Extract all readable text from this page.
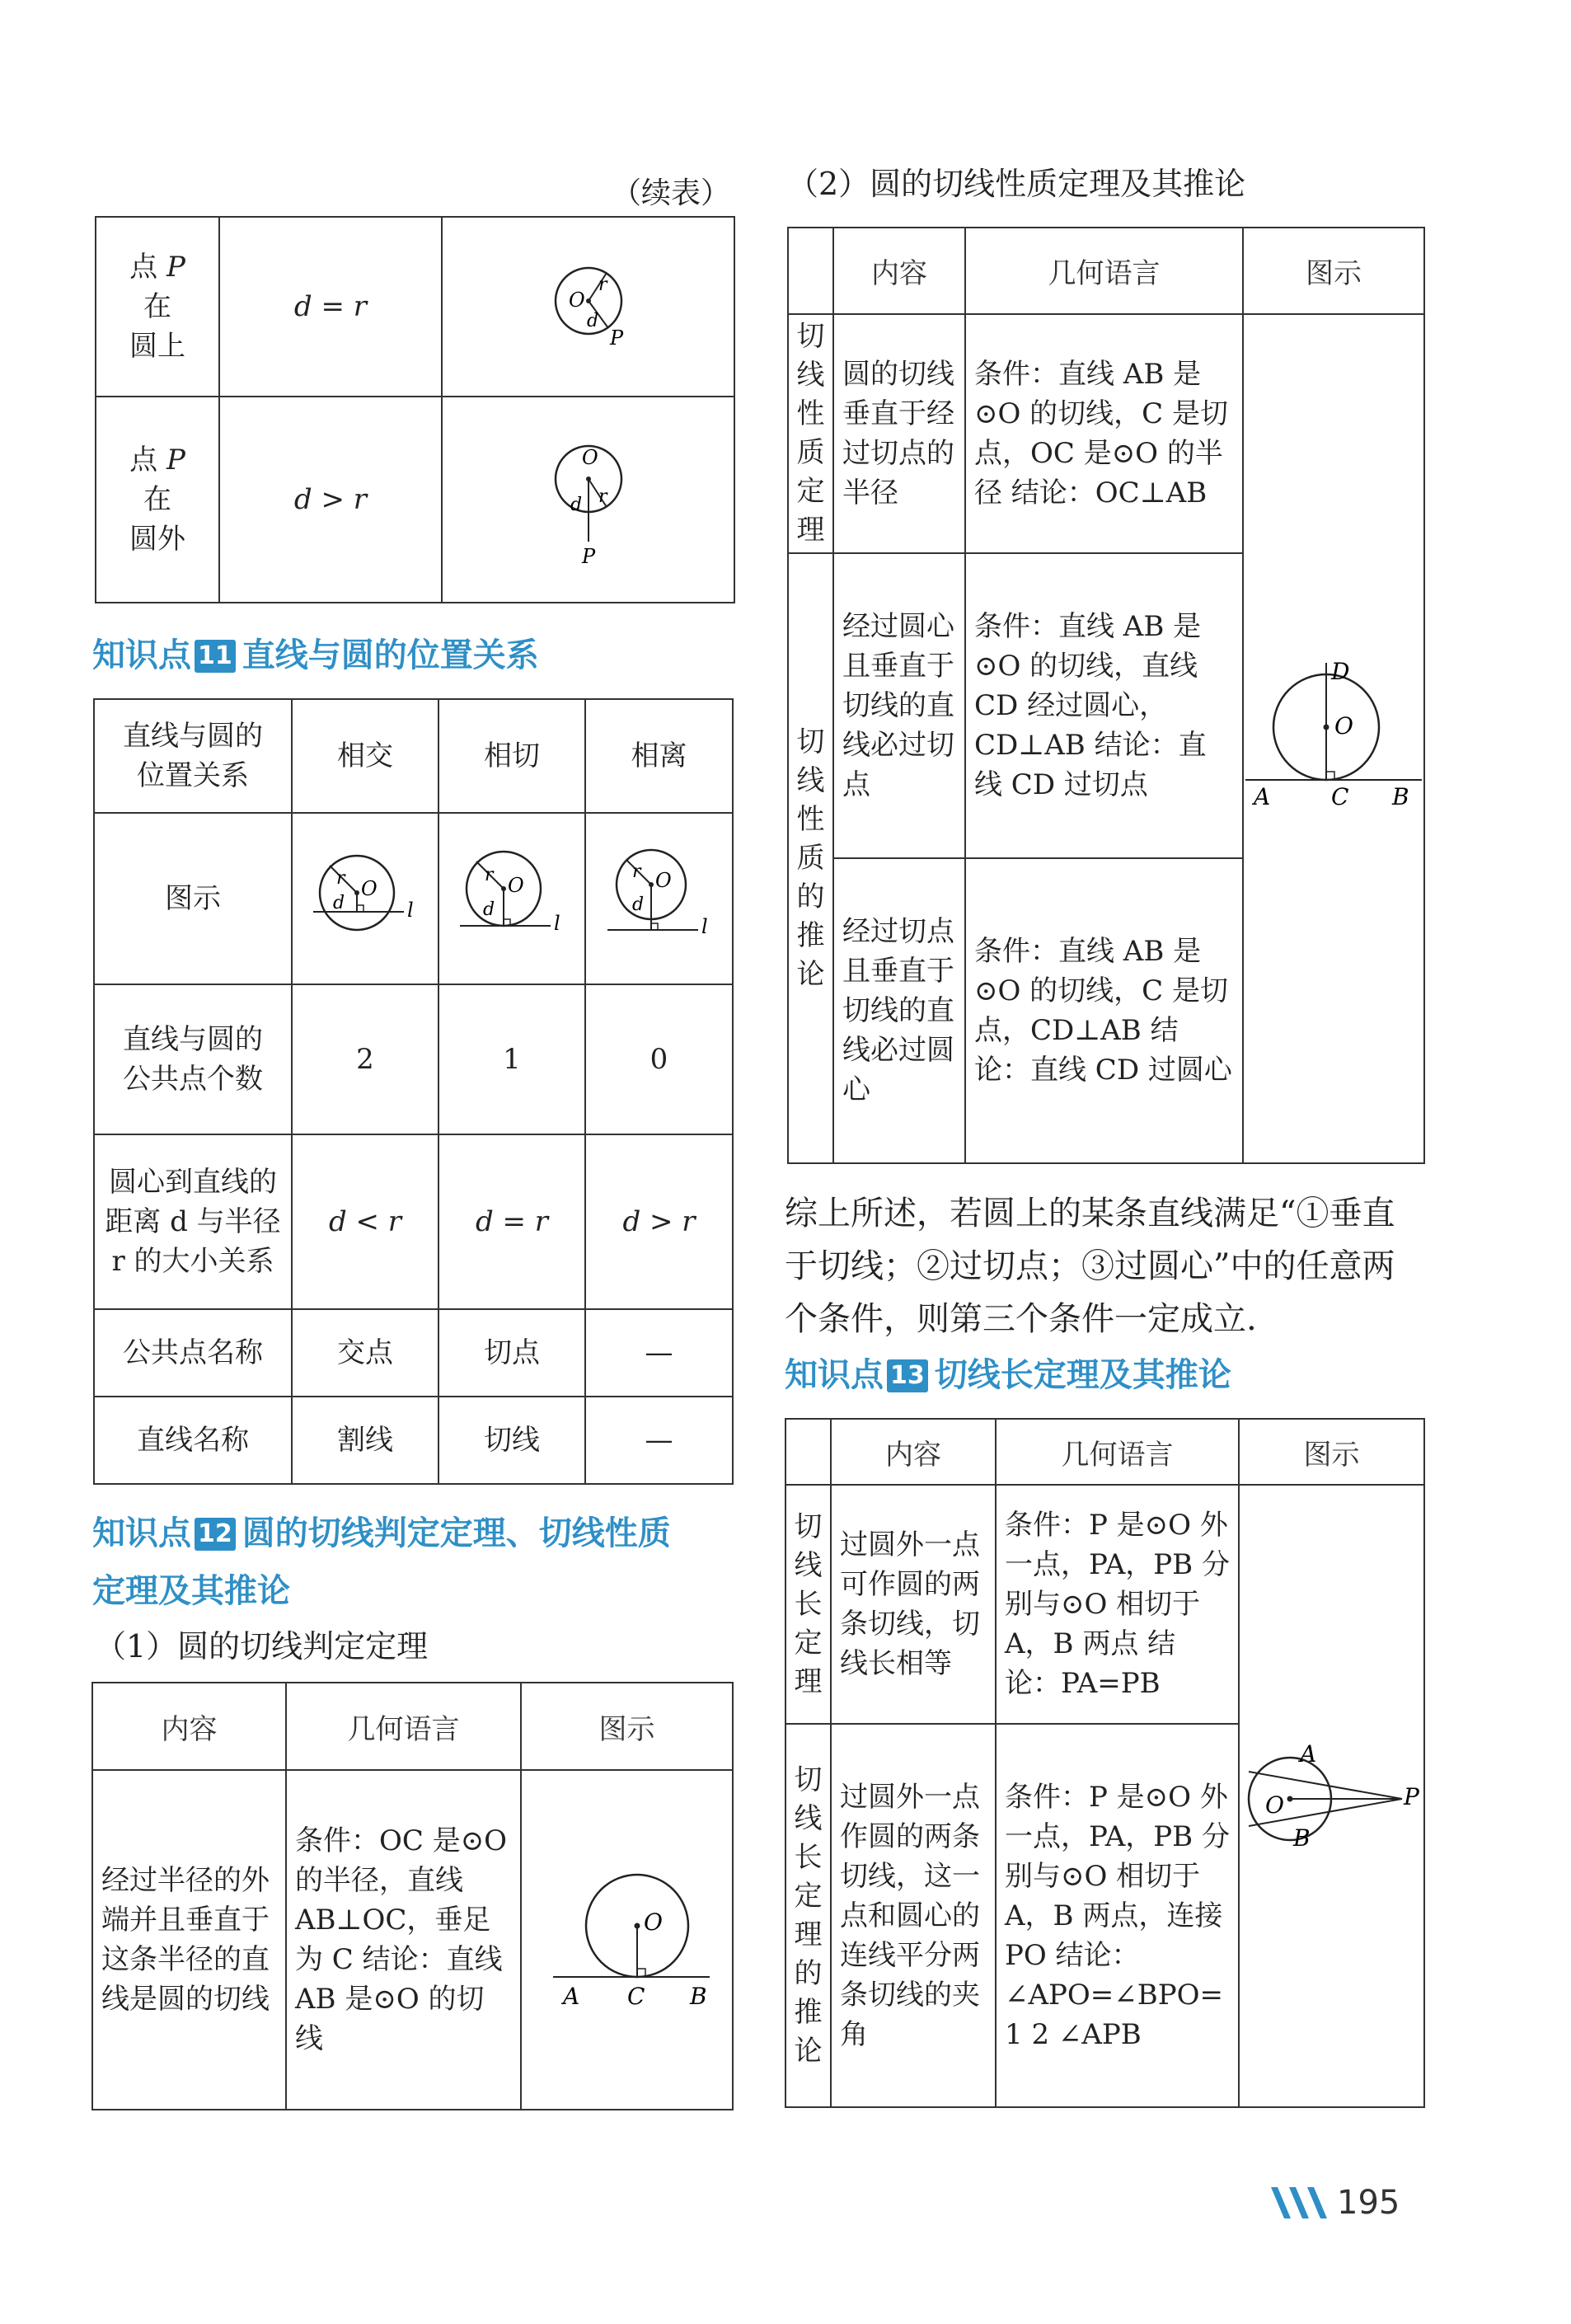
（续表）
点 P 在
圆上	d = r	O
r
d
P

点 P 在
圆外	d > r	O
d r
P
知识点 11 直线与圆的位置关系
直线与圆的位置关系	相交	相切	相离
图示	O
r
d l	O
r
d
l	O
r
d
l

直线与圆的公共点个数	2	1	0

圆心到直线的距离 d 与半径 r 的大小关系	d < r	d = r	d > r
公共点名称	交点	切点	—
直线名称	割线	切线	—
知识点 12 圆的切线判定定理、切线性质
定理及其推论
（1）圆的切线判定定理
内容	几何语言	图示
经过半径的外端并且垂直于这条半径的直线是圆的切线	条件：OC 是⊙O 的半径，直线 AB⊥OC，垂足为 C 结论：直线 AB 是⊙O 的切线	O
A C B
（2）圆的切线性质定理及其推论
	内容	几何语言	图示

切线性质定理	圆的切线垂直于经过切点的半径	条件：直线 AB 是⊙O 的切线，C 是切点，OC 是⊙O 的半径 结论：OC⊥AB	D
O
A C B

切线性质的推论	经过圆心且垂直于切线的直线必过切点	条件：直线 AB 是⊙O 的切线，直线 CD 经过圆心，CD⊥AB 结论：直线 CD 过切点	
	经过切点且垂直于切线的直线必过圆心	条件：直线 AB 是⊙O 的切线，C 是切点，CD⊥AB 结论：直线 CD 过圆心	
综上所述，若圆上的某条直线满足“①垂直于切线；②过切点；③过圆心”中的任意两个条件，则第三个条件一定成立.
知识点 13 切线长定理及其推论
	内容	几何语言	图示

切线长定理	过圆外一点可作圆的两条切线，切线长相等	条件：P 是⊙O 外一点，PA，PB 分别与⊙O 相切于 A，B 两点 结论：PA=PB	A
O P
B

切线长定理的推论	过圆外一点作圆的两条切线，这一点和圆心的连线平分两条切线的夹角	条件：P 是⊙O 外一点，PA，PB 分别与⊙O 相切于 A，B 两点，连接 PO 结论：∠APO=∠BPO= 1 2 ∠APB	
195
